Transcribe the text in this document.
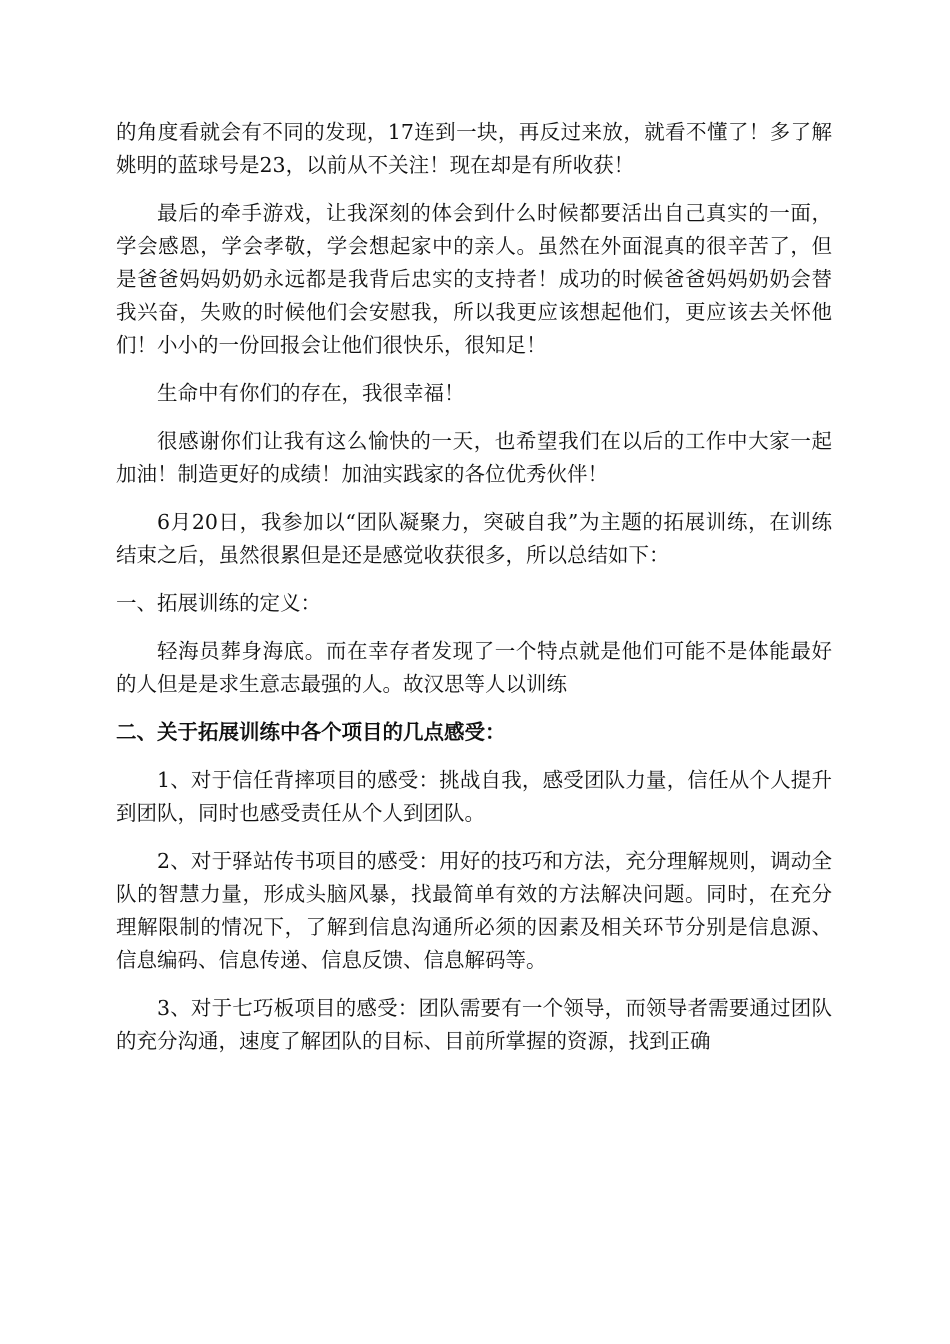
的角度看就会有不同的发现，17连到一块，再反过来放，就看不懂了！多了解姚明的蓝球号是23，以前从不关注！现在却是有所收获！

最后的牵手游戏，让我深刻的体会到什么时候都要活出自己真实的一面，学会感恩，学会孝敬，学会想起家中的亲人。虽然在外面混真的很辛苦了，但是爸爸妈妈奶奶永远都是我背后忠实的支持者！成功的时候爸爸妈妈奶奶会替我兴奋，失败的时候他们会安慰我，所以我更应该想起他们，更应该去关怀他们！小小的一份回报会让他们很快乐，很知足！

生命中有你们的存在，我很幸福！

很感谢你们让我有这么愉快的一天，也希望我们在以后的工作中大家一起加油！制造更好的成绩！加油实践家的各位优秀伙伴！

6月20日，我参加以“团队凝聚力，突破自我”为主题的拓展训练，在训练结束之后，虽然很累但是还是感觉收获很多，所以总结如下：

一、拓展训练的定义：

轻海员葬身海底。而在幸存者发现了一个特点就是他们可能不是体能最好的人但是是求生意志最强的人。故汉思等人以训练

二、关于拓展训练中各个项目的几点感受：

1、对于信任背摔项目的感受：挑战自我，感受团队力量，信任从个人提升到团队，同时也感受责任从个人到团队。

2、对于驿站传书项目的感受：用好的技巧和方法，充分理解规则，调动全队的智慧力量，形成头脑风暴，找最简单有效的方法解决问题。同时，在充分理解限制的情况下，了解到信息沟通所必须的因素及相关环节分别是信息源、信息编码、信息传递、信息反馈、信息解码等。

3、对于七巧板项目的感受：团队需要有一个领导，而领导者需要通过团队的充分沟通，速度了解团队的目标、目前所掌握的资源，找到正确
